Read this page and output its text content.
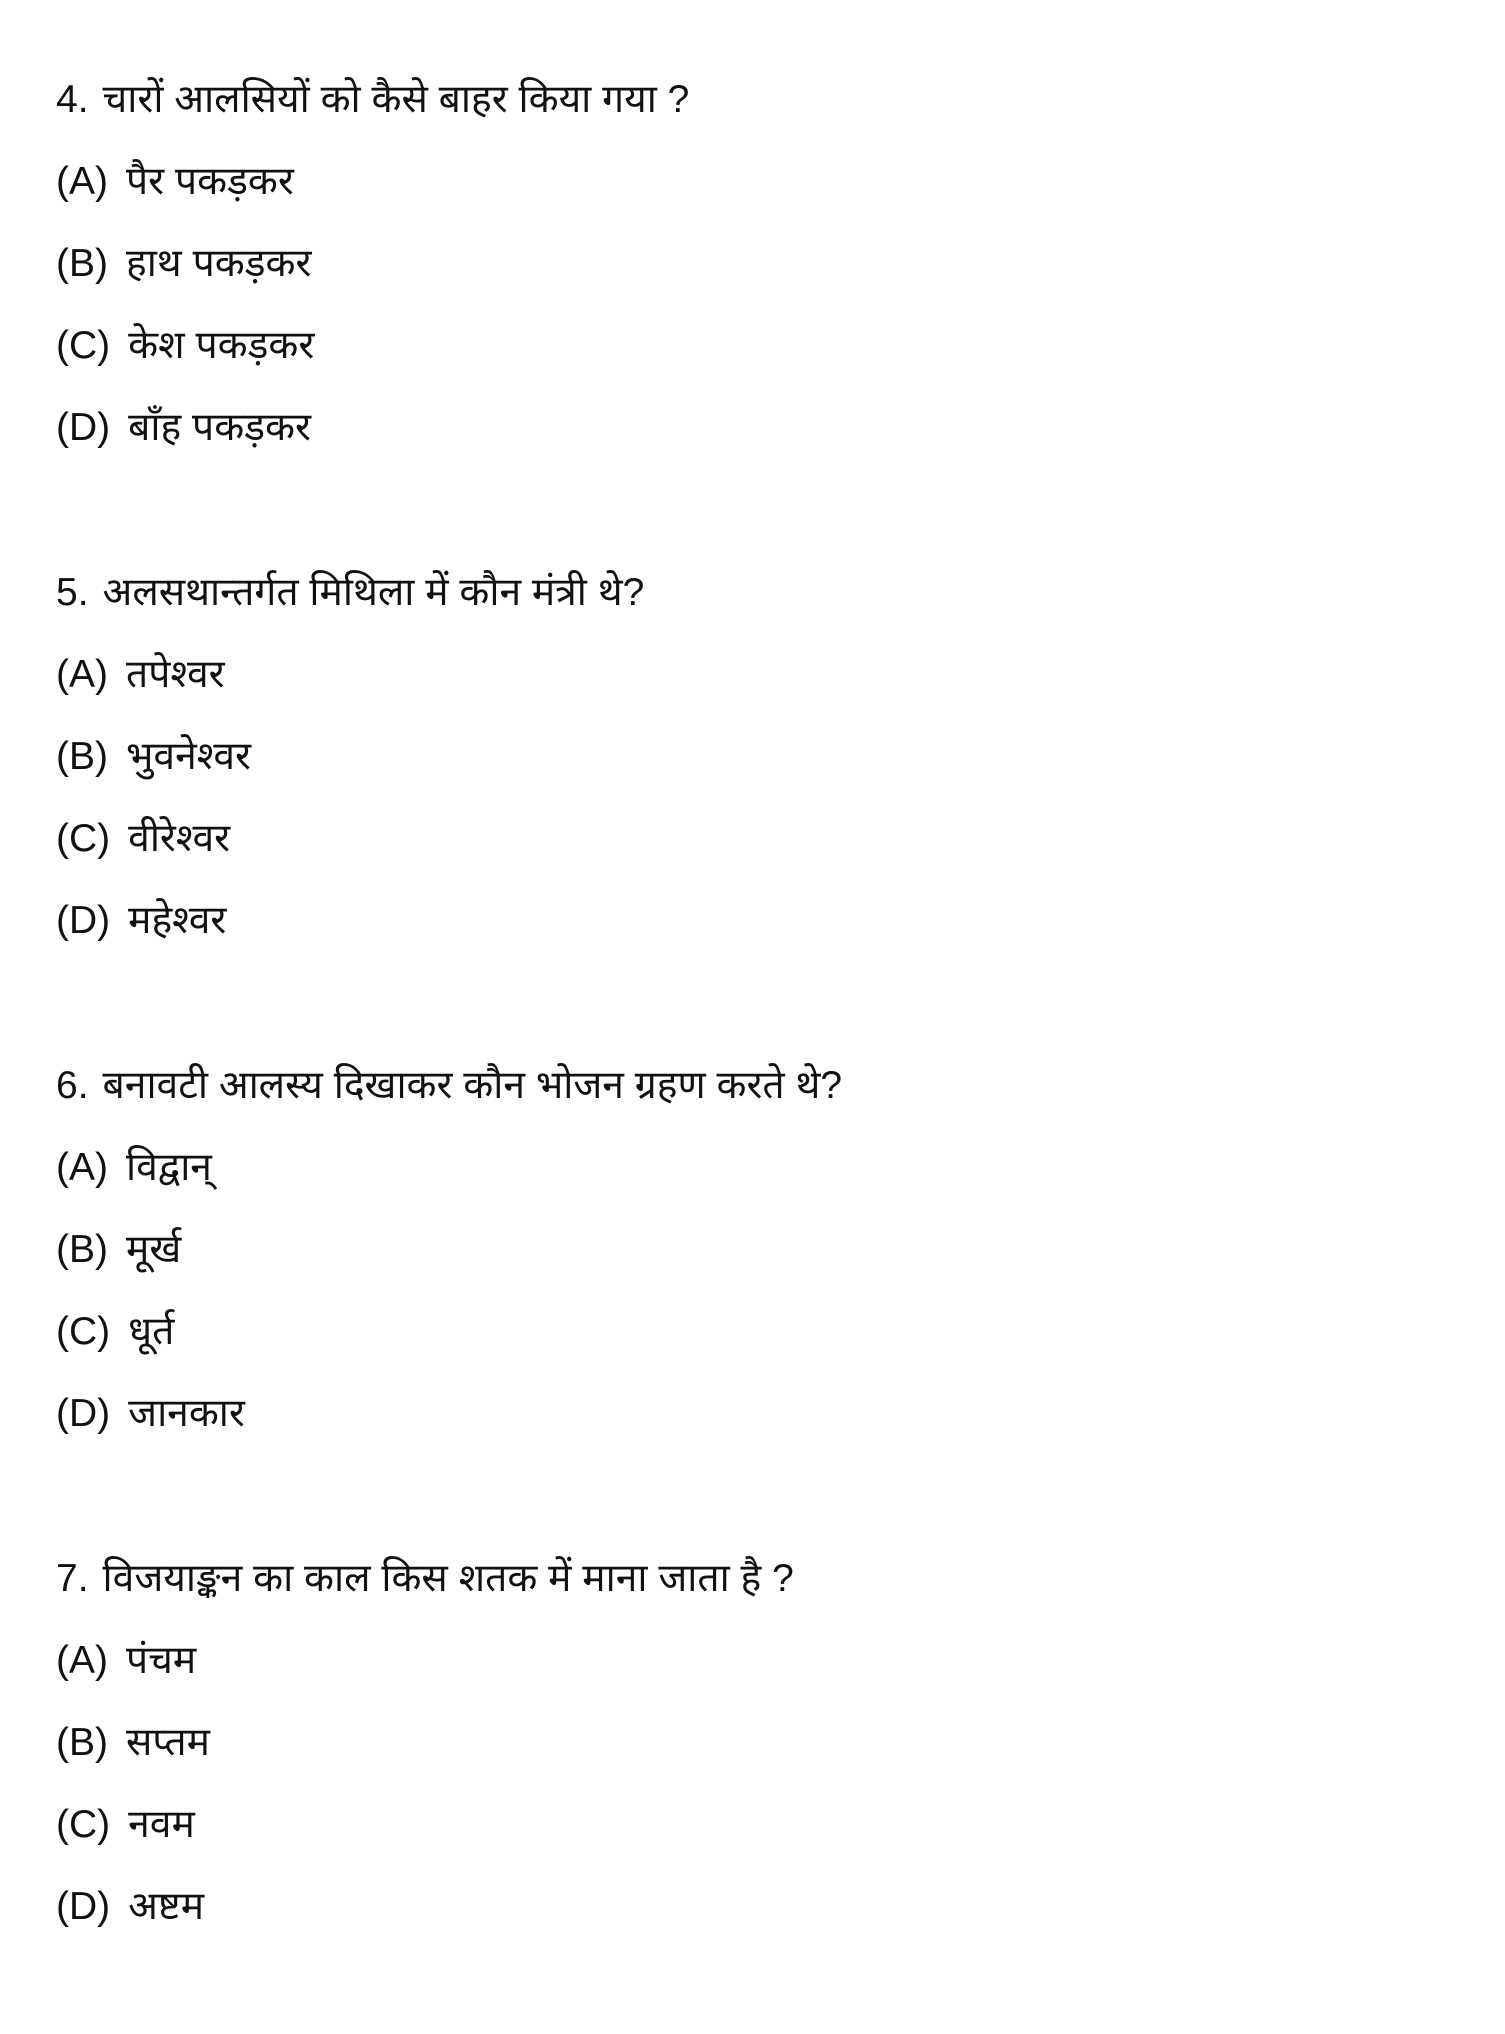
4. चारों आलसियों को कैसे बाहर किया गया ?
(A) पैर पकड़कर
(B) हाथ पकड़कर
(C) केश पकड़कर
(D) बाँह पकड़कर
5. अलसथान्तर्गत मिथिला में कौन मंत्री थे?
(A) तपेश्वर
(B) भुवनेश्वर
(C) वीरेश्वर
(D) महेश्वर
6. बनावटी आलस्य दिखाकर कौन भोजन ग्रहण करते थे?
(A) विद्वान्
(B) मूर्ख
(C) धूर्त
(D) जानकार
7. विजयाङ्कन का काल किस शतक में माना जाता है ?
(A) पंचम
(B) सप्तम
(C) नवम
(D) अष्टम
